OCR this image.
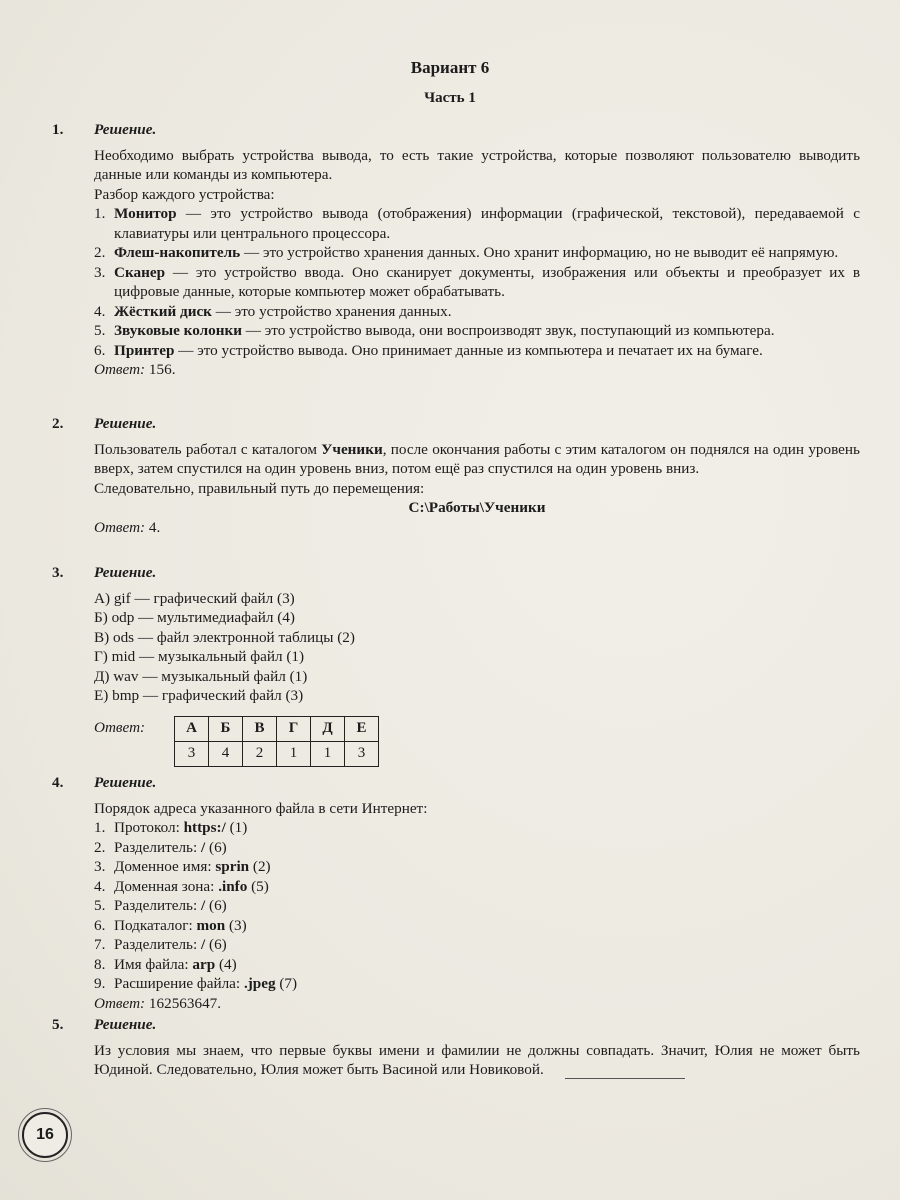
Вариант 6
Часть 1
1. Решение.

Необходимо выбрать устройства вывода, то есть такие устройства, которые позволяют пользователю выводить данные или команды из компьютера.

Разбор каждого устройства:

1. Монитор — это устройство вывода (отображения) информации (графической, текстовой), передаваемой с клавиатуры или центрального процессора.
2. Флеш-накопитель — это устройство хранения данных. Оно хранит информацию, но не выводит её напрямую.
3. Сканер — это устройство ввода. Оно сканирует документы, изображения или объекты и преобразует их в цифровые данные, которые компьютер может обрабатывать.
4. Жёсткий диск — это устройство хранения данных.
5. Звуковые колонки — это устройство вывода, они воспроизводят звук, поступающий из компьютера.
6. Принтер — это устройство вывода. Оно принимает данные из компьютера и печатает их на бумаге.

Ответ: 156.

2. Решение.

Пользователь работал с каталогом Ученики, после окончания работы с этим каталогом он поднялся на один уровень вверх, затем спустился на один уровень вниз, потом ещё раз спустился на один уровень вниз.

Следовательно, правильный путь до перемещения:

С:\Работы\Ученики

Ответ: 4.

3. Решение.

А) gif — графический файл (3)

Б) odp — мультимедиафайл (4)

В) ods — файл электронной таблицы (2)

Г) mid — музыкальный файл (1)

Д) wav — музыкальный файл (1)

Е) bmp — графический файл (3)

Ответ:	А	Б	В	Г	Д	Е
3	4	2	1	1	3
4. Решение.

Порядок адреса указанного файла в сети Интернет:

1. Протокол: https:/ (1)
2. Разделитель: / (6)
3. Доменное имя: sprin (2)
4. Доменная зона: .info (5)
5. Разделитель: / (6)
6. Подкаталог: mon (3)
7. Разделитель: / (6)
8. Имя файла: arp (4)
9. Расширение файла: .jpeg (7)

Ответ: 162563647.

5. Решение.

Из условия мы знаем, что первые буквы имени и фамилии не должны совпадать. Значит, Юлия не может быть Юдиной. Следовательно, Юлия может быть Васиной или Новиковой.

16
